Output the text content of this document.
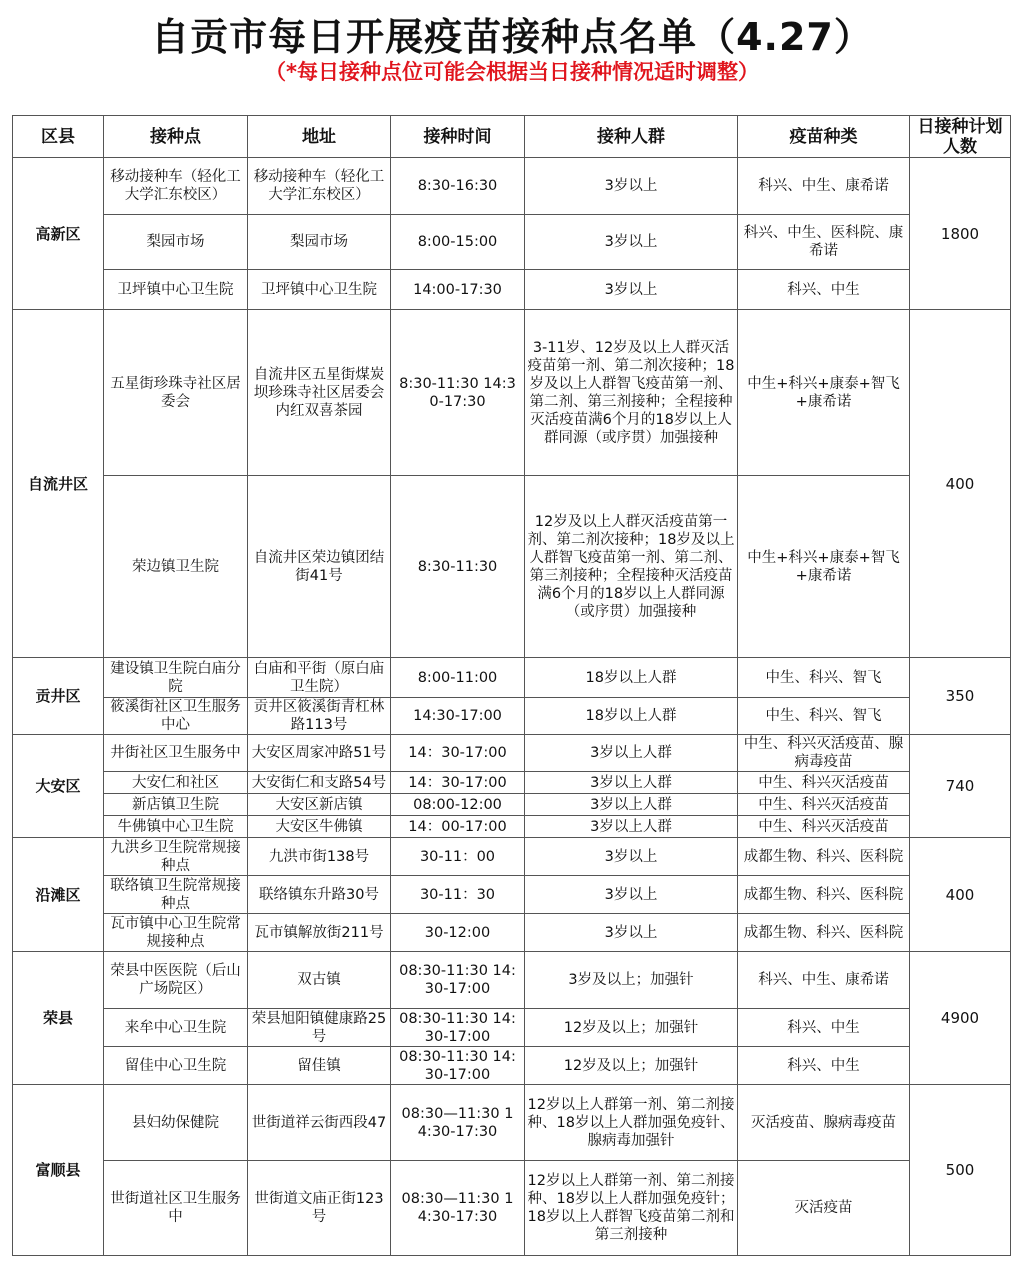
自贡市每日开展疫苗接种点名单（4.27）
（*每日接种点位可能会根据当日接种情况适时调整）
区县	接种点	地址	接种时间	接种人群	疫苗种类	日接种计划人数
高新区	移动接种车（轻化工大学汇东校区）	移动接种车（轻化工大学汇东校区）	8:30-16:30	3岁以上	科兴、中生、康希诺	1800
	梨园市场	梨园市场	8:00-15:00	3岁以上	科兴、中生、医科院、康希诺	
	卫坪镇中心卫生院	卫坪镇中心卫生院	14:00-17:30	3岁以上	科兴、中生	
自流井区	五星街珍珠寺社区居委会	自流井区五星街煤炭坝珍珠寺社区居委会内红双喜茶园	8:30-11:30 14:30-17:30	3-11岁、12岁及以上人群灭活疫苗第一剂、第二剂次接种；18岁及以上人群智飞疫苗第一剂、第二剂、第三剂接种；全程接种灭活疫苗满6个月的18岁以上人群同源（或序贯）加强接种	中生+科兴+康泰+智飞+康希诺	400
	荣边镇卫生院	自流井区荣边镇团结街41号	8:30-11:30	12岁及以上人群灭活疫苗第一剂、第二剂次接种；18岁及以上人群智飞疫苗第一剂、第二剂、第三剂接种；全程接种灭活疫苗满6个月的18岁以上人群同源（或序贯）加强接种	中生+科兴+康泰+智飞+康希诺	
贡井区	建设镇卫生院白庙分院	白庙和平街（原白庙卫生院）	8:00-11:00	18岁以上人群	中生、科兴、智飞	350
	筱溪街社区卫生服务中心	贡井区筱溪街青杠林路113号	14:30-17:00	18岁以上人群	中生、科兴、智飞	
大安区	井街社区卫生服务中	大安区周家冲路51号	14：30-17:00	3岁以上人群	中生、科兴灭活疫苗、腺病毒疫苗	740
	大安仁和社区	大安街仁和支路54号	14：30-17:00	3岁以上人群	中生、科兴灭活疫苗	
	新店镇卫生院	大安区新店镇	08:00-12:00	3岁以上人群	中生、科兴灭活疫苗	
	牛佛镇中心卫生院	大安区牛佛镇	14：00-17:00	3岁以上人群	中生、科兴灭活疫苗	
沿滩区	九洪乡卫生院常规接种点	九洪市街138号	30-11：00	3岁以上	成都生物、科兴、医科院	400
	联络镇卫生院常规接种点	联络镇东升路30号	30-11：30	3岁以上	成都生物、科兴、医科院	
	瓦市镇中心卫生院常规接种点	瓦市镇解放街211号	30-12:00	3岁以上	成都生物、科兴、医科院	
荣县	荣县中医医院（后山广场院区）	双古镇	08:30-11:30 14:30-17:00	3岁及以上；加强针	科兴、中生、康希诺	4900
	来牟中心卫生院	荣县旭阳镇健康路25号	08:30-11:30 14:30-17:00	12岁及以上；加强针	科兴、中生	
	留佳中心卫生院	留佳镇	08:30-11:30 14:30-17:00	12岁及以上；加强针	科兴、中生	
富顺县	县妇幼保健院	世街道祥云街西段47	08:30—11:30 14:30-17:30	12岁以上人群第一剂、第二剂接种、18岁以上人群加强免疫针、腺病毒加强针	灭活疫苗、腺病毒疫苗	500
	世街道社区卫生服务中	世街道文庙正街123号	08:30—11:30 14:30-17:30	12岁以上人群第一剂、第二剂接种、18岁以上人群加强免疫针；18岁以上人群智飞疫苗第二剂和第三剂接种	灭活疫苗	
